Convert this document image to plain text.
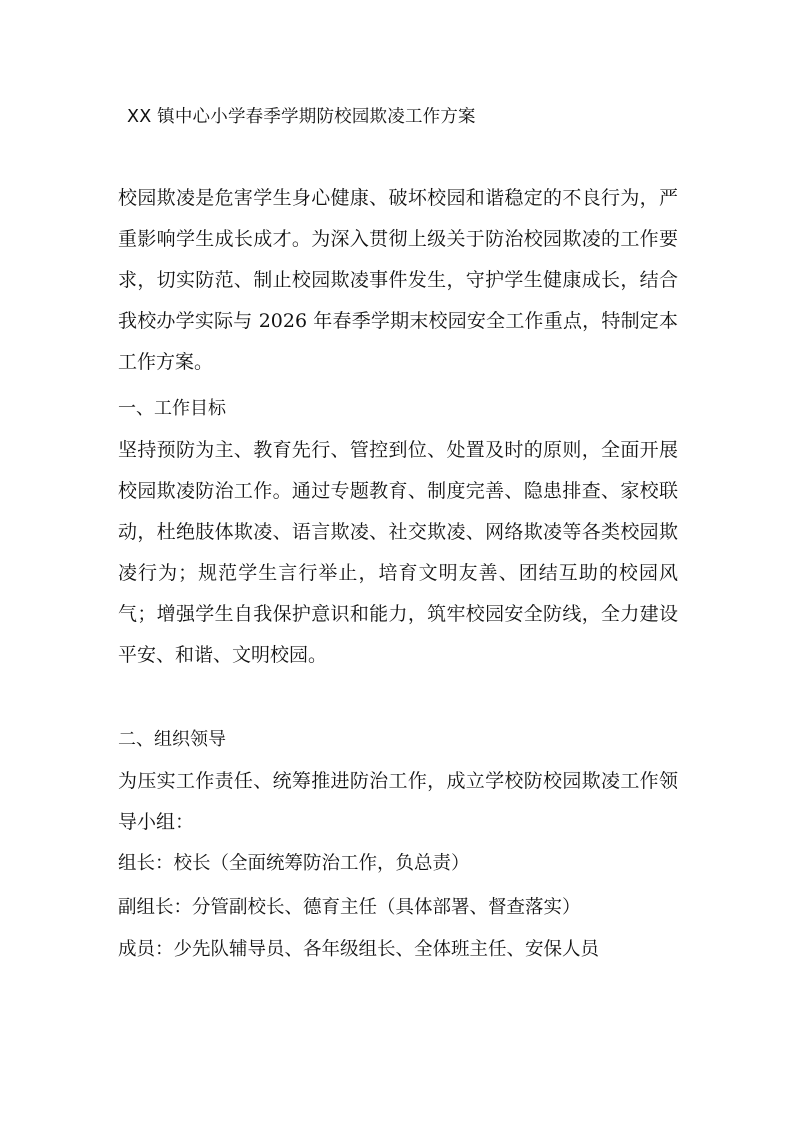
XX 镇中心小学春季学期防校园欺凌工作方案
校园欺凌是危害学生身心健康、破坏校园和谐稳定的不良行为，严重影响学生成长成才。为深入贯彻上级关于防治校园欺凌的工作要求，切实防范、制止校园欺凌事件发生，守护学生健康成长，结合我校办学实际与 2026 年春季学期末校园安全工作重点，特制定本工作方案。
一、工作目标
坚持预防为主、教育先行、管控到位、处置及时的原则，全面开展校园欺凌防治工作。通过专题教育、制度完善、隐患排查、家校联动，杜绝肢体欺凌、语言欺凌、社交欺凌、网络欺凌等各类校园欺凌行为；规范学生言行举止，培育文明友善、团结互助的校园风气；增强学生自我保护意识和能力，筑牢校园安全防线，全力建设平安、和谐、文明校园。
二、组织领导
为压实工作责任、统筹推进防治工作，成立学校防校园欺凌工作领导小组：
组长：校长（全面统筹防治工作，负总责）
副组长：分管副校长、德育主任（具体部署、督查落实）
成员：少先队辅导员、各年级组长、全体班主任、安保人员
